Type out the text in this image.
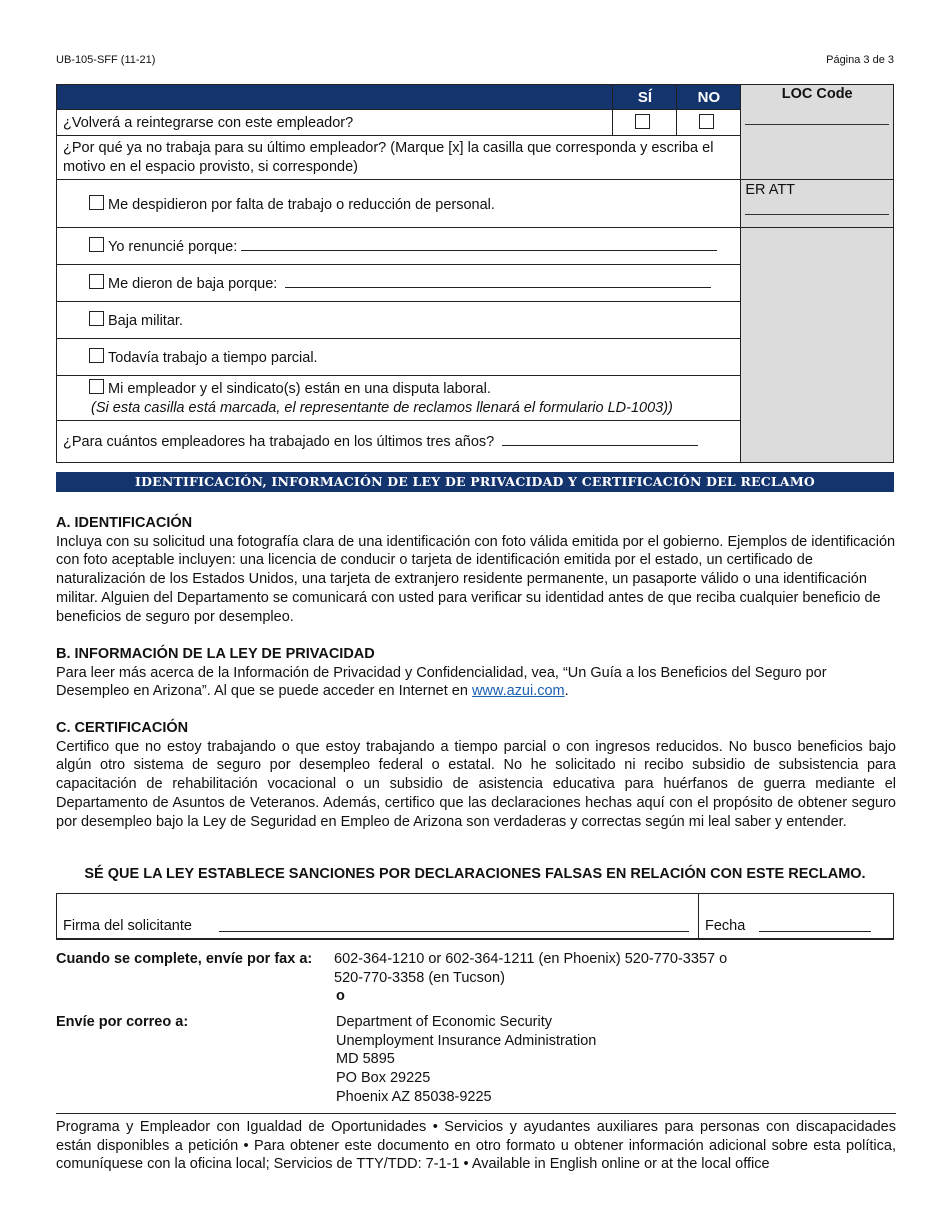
UB-105-SFF (11-21)	Página 3 de 3
	SÍ	NO	LOC Code

¿Volverá a reintegrarse con este empleador?			
¿Por qué ya no trabaja para su último empleador? (Marque [x] la casilla que corresponda y escriba el motivo en el espacio provisto, si corresponde)			
Me despidieron por falta de trabajo o reducción de personal.			ER ATT

Yo renuncié porque:			
Me dieron de baja porque:			
Baja militar.			
Todavía trabajo a tiempo parcial.			

Mi empleador y el sindicato(s) están en una disputa laboral.
(Si esta casilla está marcada, el representante de reclamos llenará el formulario LD-1003))			

¿Para cuántos empleadores ha trabajado en los últimos tres años?			
IDENTIFICACIÓN, INFORMACIÓN DE LEY DE PRIVACIDAD Y CERTIFICACIÓN DEL RECLAMO
A. IDENTIFICACIÓN
Incluya con su solicitud una fotografía clara de una identificación con foto válida emitida por el gobierno. Ejemplos de identificación con foto aceptable incluyen: una licencia de conducir o tarjeta de identificación emitida por el estado, un certificado de naturalización de los Estados Unidos, una tarjeta de extranjero residente permanente, un pasaporte válido o una identificación militar. Alguien del Departamento se comunicará con usted para verificar su identidad antes de que reciba cualquier beneficio de beneficios de seguro por desempleo.
B. INFORMACIÓN DE LA LEY DE PRIVACIDAD
Para leer más acerca de la Información de Privacidad y Confidencialidad, vea, “Un Guía a los Beneficios del Seguro por Desempleo en Arizona”. Al que se puede acceder en Internet en www.azui.com.
C. CERTIFICACIÓN
Certifico que no estoy trabajando o que estoy trabajando a tiempo parcial o con ingresos reducidos. No busco beneficios bajo algún otro sistema de seguro por desempleo federal o estatal. No he solicitado ni recibo subsidio de subsistencia para capacitación de rehabilitación vocacional o un subsidio de asistencia educativa para huérfanos de guerra mediante el Departamento de Asuntos de Veteranos. Además, certifico que las declaraciones hechas aquí con el propósito de obtener seguro por desempleo bajo la Ley de Seguridad en Empleo de Arizona son verdaderas y correctas según mi leal saber y entender.
SÉ QUE LA LEY ESTABLECE SANCIONES POR DECLARACIONES FALSAS EN RELACIÓN CON ESTE RECLAMO.
Firma del solicitante	Fecha
Cuando se complete, envíe por fax a: 602-364-1210 or 602-364-1211 (en Phoenix) 520-770-3357 o
520-770-3358 (en Tucson)
o
Envíe por correo a:	Department of Economic Security
Unemployment Insurance Administration
MD 5895
PO Box 29225
Phoenix AZ 85038-9225
Programa y Empleador con Igualdad de Oportunidades • Servicios y ayudantes auxiliares para personas con discapacidades están disponibles a petición • Para obtener este documento en otro formato u obtener información adicional sobre esta política, comuníquese con la oficina local; Servicios de TTY/TDD: 7-1-1 • Available in English online or at the local office
